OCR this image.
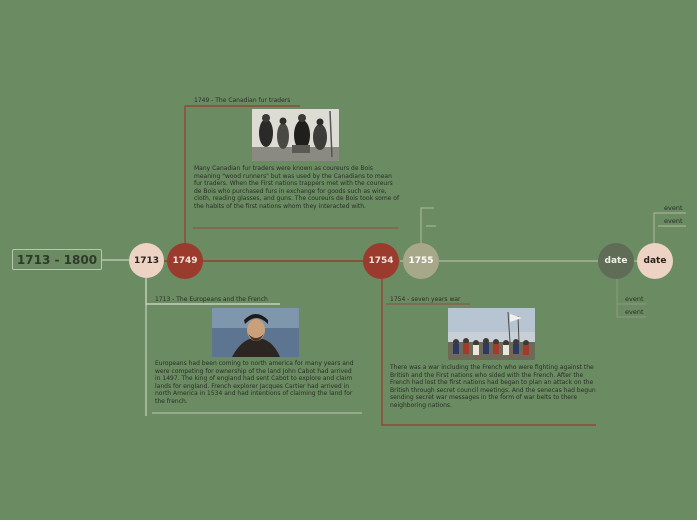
1713 - 1800	1713	1749	1754	1755	date	date
1749 - The Canadian fur traders
Many Canadian fur traders were known as coureurs de Bois meaning "wood runners" but was used by the Canadians to mean fur traders. When the First nations trappers met with the coureurs de Bois who purchased furs in exchange for goods such as wire, cloth, reading glasses, and guns. The coureurs de Bois took some of the habits of the first nations whom they interacted with.
1713 - The Europeans and the French
Europeans had been coming to north america for many years and were competing for ownership of the land John Cabot had arrived in 1497. The king of england had sent Cabot to explore and claim lands for england. French explorer Jacques Cartier had arrived in north America in 1534 and had intentions of claiming the land for the french.
1754 - seven years war
There was a war including the French who were fighting against the British and the First nations who sided with the French. After the French had lost the first nations had began to plan an attack on the British through secret council meetings. And the senecas had begun sending secret war messages in the form of war belts to there neighboring nations.
event
event
event
event
